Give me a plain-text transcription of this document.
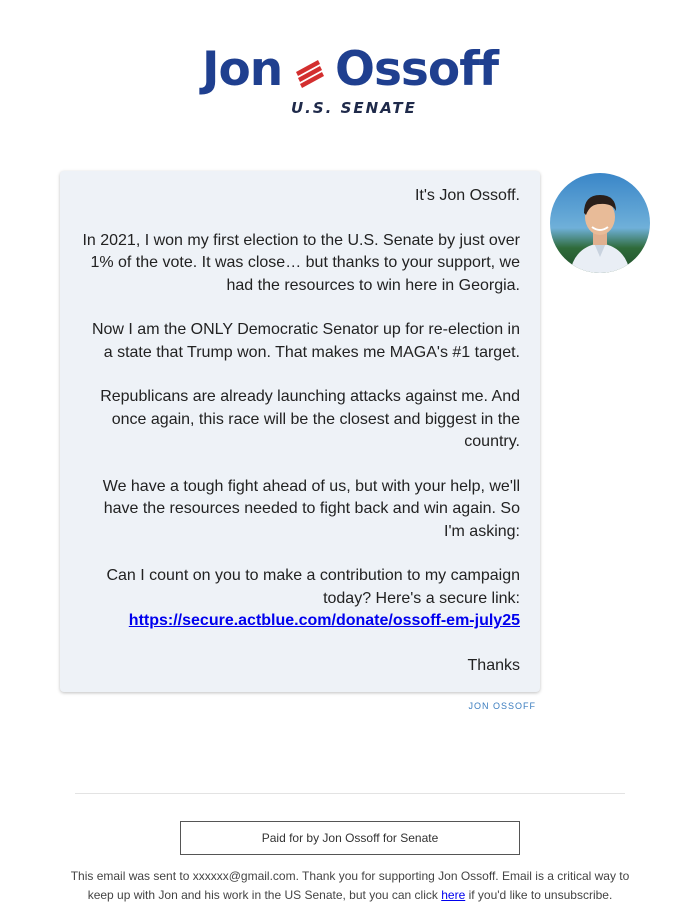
Jon Ossoff
U.S. SENATE

It's Jon Ossoff.

In 2021, I won my first election to the U.S. Senate by just over 1% of the vote. It was close… but thanks to your support, we had the resources to win here in Georgia.

Now I am the ONLY Democratic Senator up for re-election in a state that Trump won. That makes me MAGA's #1 target.

Republicans are already launching attacks against me. And once again, this race will be the closest and biggest in the country.

We have a tough fight ahead of us, but with your help, we'll have the resources needed to fight back and win again. So I'm asking:

Can I count on you to make a contribution to my campaign today? Here's a secure link:
https://secure.actblue.com/donate/ossoff-em-july25

Thanks

JON OSSOFF
Paid for by Jon Ossoff for Senate
This email was sent to xxxxxx@gmail.com. Thank you for supporting Jon Ossoff. Email is a critical way to keep up with Jon and his work in the US Senate, but you can click here if you'd like to unsubscribe.
